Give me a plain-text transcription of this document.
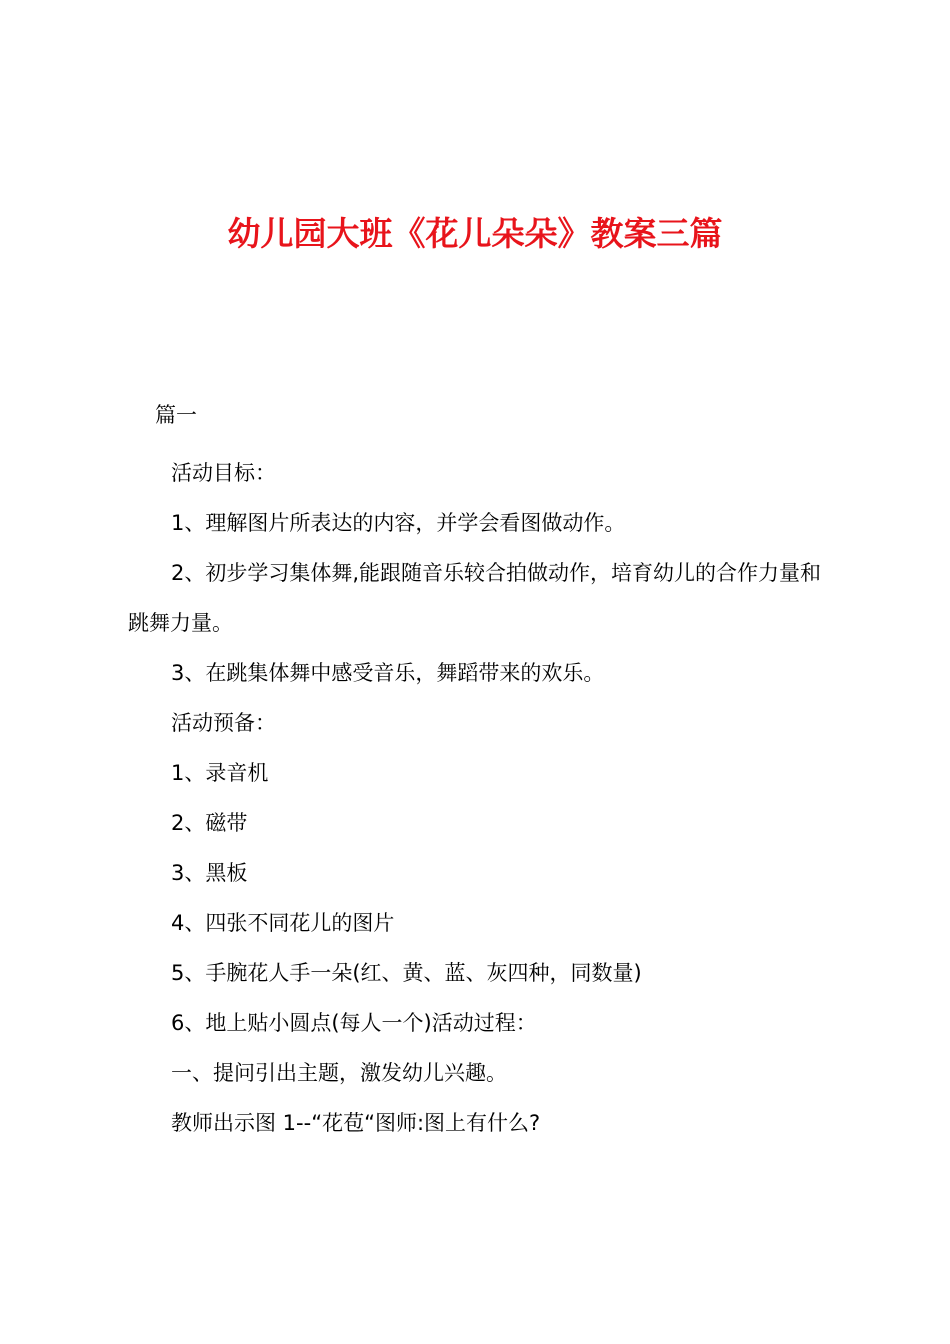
幼儿园大班《花儿朵朵》教案三篇
篇一

活动目标：

1、理解图片所表达的内容，并学会看图做动作。

2、初步学习集体舞,能跟随音乐较合拍做动作，培育幼儿的合作力量和跳舞力量。

3、在跳集体舞中感受音乐，舞蹈带来的欢乐。

活动预备：

1、录音机

2、磁带

3、黑板

4、四张不同花儿的图片

5、手腕花人手一朵(红、黄、蓝、灰四种，同数量)

6、地上贴小圆点(每人一个)活动过程：

一、提问引出主题，激发幼儿兴趣。

教师出示图 1--“花苞“图师:图上有什么?
